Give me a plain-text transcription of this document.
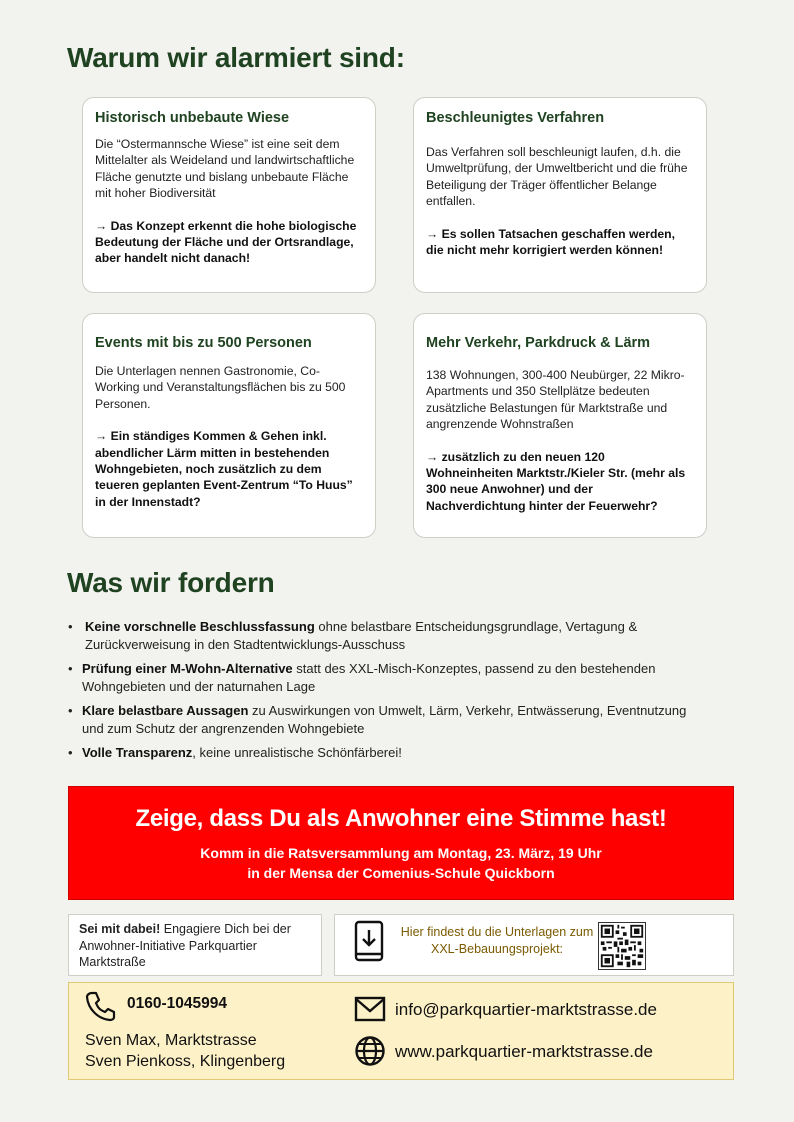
Warum wir alarmiert sind:
Historisch unbebaute Wiese
Die “Ostermannsche Wiese” ist eine seit dem Mittelalter als Weideland und landwirtschaftliche Fläche genutzte und bislang unbebaute Fläche mit hoher Biodiversität
→ Das Konzept erkennt die hohe biologische Bedeutung der Fläche und der Ortsrandlage, aber handelt nicht danach!
Beschleunigtes Verfahren
Das Verfahren soll beschleunigt laufen, d.h. die Umweltprüfung, der Umweltbericht und die frühe Beteiligung der Träger öffentlicher Belange entfallen.
→ Es sollen Tatsachen geschaffen werden, die nicht mehr korrigiert werden können!
Events mit bis zu 500 Personen
Die Unterlagen nennen Gastronomie, Co-Working und Veranstaltungsflächen bis zu 500 Personen.
→ Ein ständiges Kommen & Gehen inkl. abendlicher Lärm mitten in bestehenden Wohngebieten, noch zusätzlich zu dem teueren geplanten Event-Zentrum “To Huus” in der Innenstadt?
Mehr Verkehr, Parkdruck & Lärm
138 Wohnungen, 300-400 Neubürger, 22 Mikro-Apartments und 350 Stellplätze bedeuten zusätzliche Belastungen für Marktstraße und angrenzende Wohnstraßen
→ zusätzlich zu den neuen 120 Wohneinheiten Marktstr./Kieler Str. (mehr als 300 neue Anwohner) und der Nachverdichtung hinter der Feuerwehr?
Was wir fordern
• Keine vorschnelle Beschlussfassung ohne belastbare Entscheidungsgrundlage, Vertagung & Zurückverweisung in den Stadtentwicklungs-Ausschuss
• Prüfung einer M-Wohn-Alternative statt des XXL-Misch-Konzeptes, passend zu den bestehenden Wohngebieten und der naturnahen Lage
• Klare belastbare Aussagen zu Auswirkungen von Umwelt, Lärm, Verkehr, Entwässerung, Eventnutzung und zum Schutz der angrenzenden Wohngebiete
• Volle Transparenz, keine unrealistische Schönfärberei!
Zeige, dass Du als Anwohner eine Stimme hast!
Komm in die Ratsversammlung am Montag, 23. März, 19 Uhr
in der Mensa der Comenius-Schule Quickborn
Sei mit dabei! Engagiere Dich bei der Anwohner-Initiative Parkquartier Marktstraße
Hier findest du die Unterlagen zum XXL-Bebauungsprojekt:
0160-1045994
Sven Max, Marktstrasse
Sven Pienkoss, Klingenberg
info@parkquartier-marktstrasse.de
www.parkquartier-marktstrasse.de
